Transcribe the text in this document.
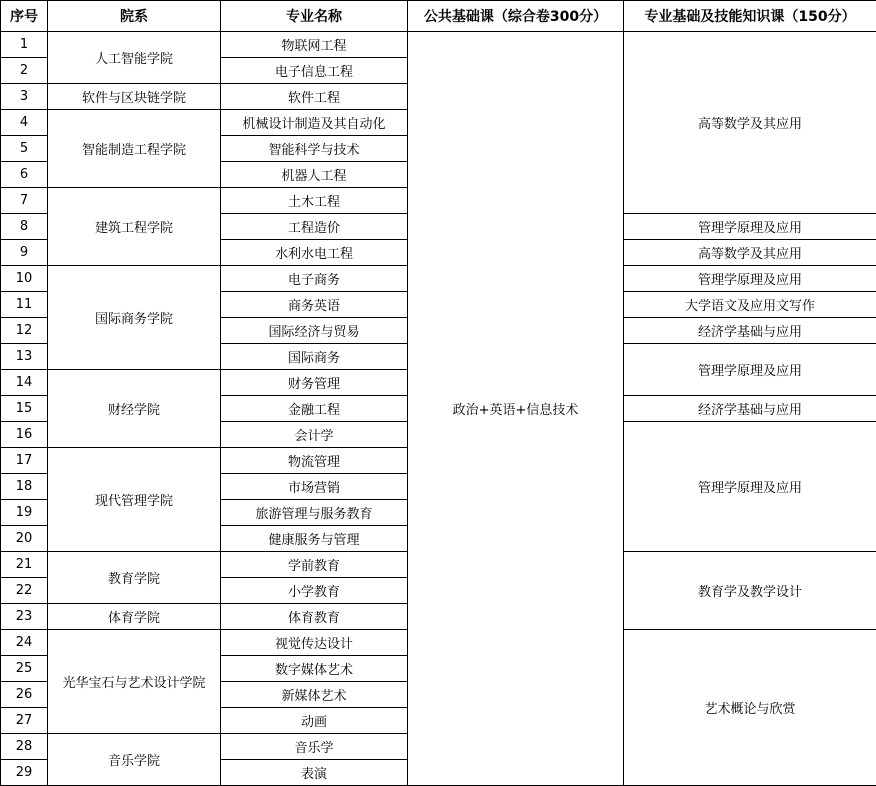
序号	院系	专业名称	公共基础课（综合卷300分）	专业基础及技能知识课（150分）
1	人工智能学院	物联网工程	政治+英语+信息技术	高等数学及其应用
2		电子信息工程		
3	软件与区块链学院	软件工程		
4	智能制造工程学院	机械设计制造及其自动化		
5		智能科学与技术		
6		机器人工程		
7	建筑工程学院	土木工程		
8		工程造价		管理学原理及应用
9		水利水电工程		高等数学及其应用
10	国际商务学院	电子商务		管理学原理及应用
11		商务英语		大学语文及应用文写作
12		国际经济与贸易		经济学基础与应用
13		国际商务		管理学原理及应用
14	财经学院	财务管理		
15		金融工程		经济学基础与应用
16		会计学		管理学原理及应用
17	现代管理学院	物流管理		
18		市场营销		
19		旅游管理与服务教育		
20		健康服务与管理		
21	教育学院	学前教育		教育学及教学设计
22		小学教育		
23	体育学院	体育教育		
24	光华宝石与艺术设计学院	视觉传达设计		艺术概论与欣赏
25		数字媒体艺术		
26		新媒体艺术		
27		动画		
28	音乐学院	音乐学		
29		表演		
